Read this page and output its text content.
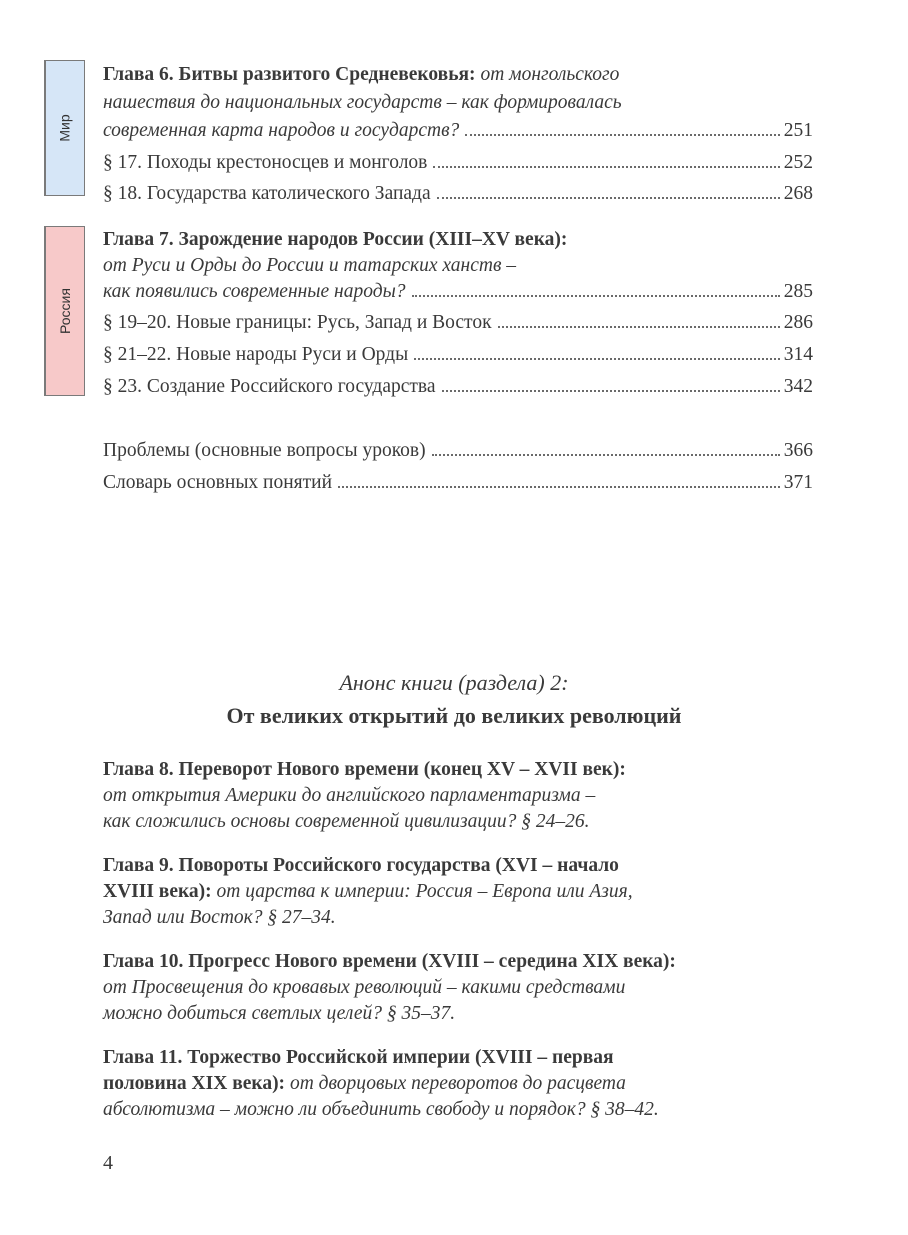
Мир
Россия
Глава 6. Битвы развитого Средневековья: от монгольского
нашествия до национальных государств – как формировалась
современная карта народов и государств?	251
§ 17. Походы крестоносцев и монголов	252
§ 18. Государства католического Запада	268
Глава 7. Зарождение народов России (XIII–XV века):
от Руси и Орды до России и татарских ханств –
как появились современные народы?	285
§ 19–20. Новые границы: Русь, Запад и Восток	286
§ 21–22. Новые народы Руси и Орды	314
§ 23. Создание Российского государства	342
Проблемы (основные вопросы уроков)	366
Словарь основных понятий	371
Глава 8. Переворот Нового времени (конец XV – XVII век):
от открытия Америки до английского парламентаризма –
как сложились основы современной цивилизации? § 24–26.
Глава 9. Повороты Российского государства (XVI – начало
XVIII века): от царства к империи: Россия – Европа или Азия,
Запад или Восток? § 27–34.
Глава 10. Прогресс Нового времени (XVIII – середина XIX века):
от Просвещения до кровавых революций – какими средствами
можно добиться светлых целей? § 35–37.
Глава 11. Торжество Российской империи (XVIII – первая
половина XIX века): от дворцовых переворотов до расцвета
абсолютизма – можно ли объединить свободу и порядок? § 38–42.
Анонс книги (раздела) 2:
От великих открытий до великих революций
4
